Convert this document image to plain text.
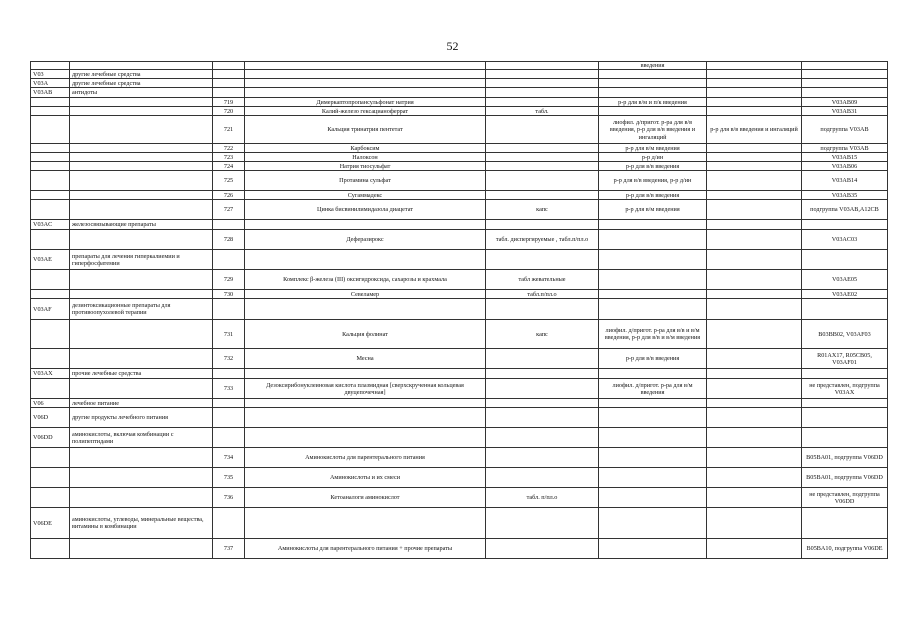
52
					введения		
V03	другие лечебные средства						
V03A	другие лечебные средства						
V03AB	антидоты						
		719	Димеркаптопропансульфонат натрия		р-р для в/м и п/к введения		V03AB09
		720	Калий-железо гексацианоферрат	табл.			V03AB31
		721	Кальция тринатрия пентетат		лиофил. д/пригот. р-ра для в/в введения, р-р для в/в введения и ингаляций	р-р для в/в введения и ингаляций	подгруппа V03AB
		722	Карбоксим		р-р для в/м введения		подгруппа V03AB
		723	Налоксон		р-р д/ин		V03AB15
		724	Натрия тиосульфат		р-р для в/в введения		V03AB06
		725	Протамина сульфат		р-р для в/в введения, р-р д/ин		V03AB14
		726	Сугаммадекс		р-р для в/в введения		V03AB35
		727	Цинка бисвинилимидазола диацетат	капс	р-р для в/м введения		подгруппа V03AB,A12CB
V03AC	железосвязывающие препараты						
		728	Деферазирокс	табл. диспергируемые , табл.п/пл.о			V03AC03
V03AE	препараты для лечения гиперкалиемии и гиперфосфатемии						
		729	Комплекс β-железа (III) оксигидроксида, сахарозы и крахмала	табл жевательные			V03AE05
		730	Севеламер	табл.п/пл.о			V03AE02
V03AF	дезинтоксикационные препараты для противоопухолевой терапии						
		731	Кальция фолинат	капс	лиофил. д/пригот. р-ра для в/в и в/м введения, р-р для в/в и в/м введения		B03BB02, V03AF03
		732	Месна		р-р для в/в введения		R01AX17, R05CB05, V03AF01
V03AX	прочие лечебные средства						
		733	Дезоксирибонуклеиновая кислота плазмидная [сверхскрученная кольцевая двуцепочечная]		лиофил. д/пригот. р-ра для в/м введения		не представлен, подгруппа V03AX
V06	лечебное питание						
V06D	другие продукты лечебного питания						
V06DD	аминокислоты, включая комбинации с полипептидами						
		734	Аминокислоты для парентерального питания				B05BA01, подгруппа V06DD
		735	Аминокислоты и их смеси				B05BA01, подгруппа V06DD
		736	Кетоаналоги аминокислот	табл. п/пл.о			не представлен, подгруппа V06DD
V06DE	аминокислоты, углеводы, минеральные вещества, витамины в комбинации						
		737	Аминокислоты для парентерального питания + прочие препараты				B05BA10, подгруппа V06DE
